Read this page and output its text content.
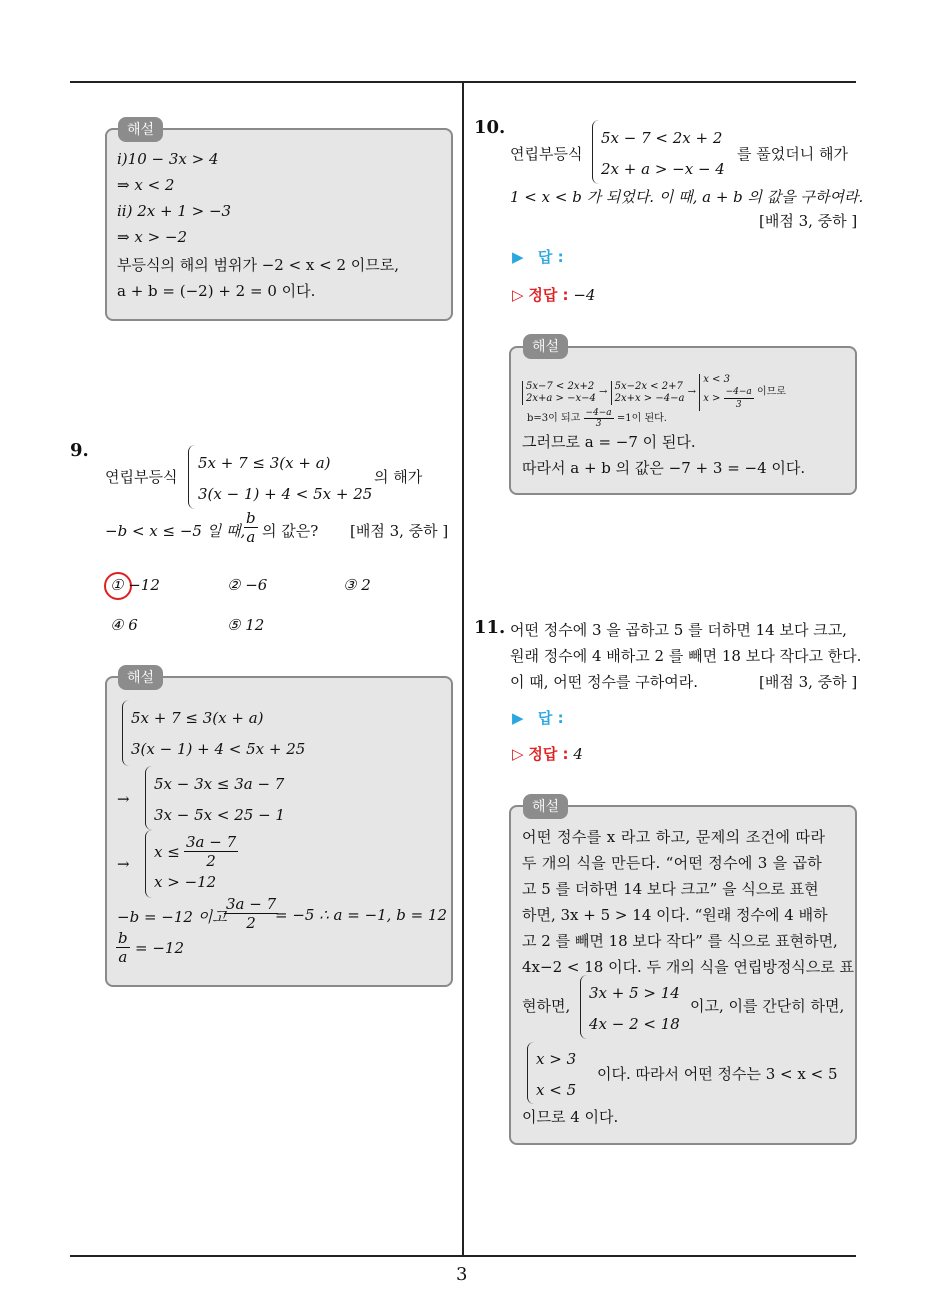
3
해설
i)10 − 3x > 4
⇒ x < 2
ii) 2x + 1 > −3
⇒ x > −2
부등식의 해의 범위가 −2 < x < 2 이므로,
a + b = (−2) + 2 = 0 이다.
9.
연립부등식
5x + 7 ≤ 3(x + a)
3(x − 1) + 4 < 5x + 25
의 해가
−b < x ≤ −5 일 때,
$\frac{b}{a}$ 의 값은? [배점 3, 중하 ]
① −12	② −6	③ 2
④ 6	⑤ 12
해설
5x + 7 ≤ 3(x + a)
3(x − 1) + 4 < 5x + 25
→
5x − 3x ≤ 3a − 7
3x − 5x < 25 − 1
→
$x \le \frac{3a - 7}{2}$
x > −12
−b = −12 이고
$\frac{3a - 7}{2}$
= −5 ∴ a = −1, b = 12
$\frac{b}{a} = -12$
10.
연립부등식
5x − 7 < 2x + 2
2x + a > −x − 4
를 풀었더니 해가
1 < x < b 가 되었다. 이 때, a + b 의 값을 구하여라.
[배점 3, 중하 ]
▶ 답 :
▷ 정답 : −4
해설
5x−7 < 2x+2
2x+a > −x−4 → 5x−2x < 2+7
2x+x > −4−a → x < 3
$x > \frac{-4-a}{3}$ 이므로
b=3이 되고 $\frac{-4-a}{3} =1$이 된다.
그러므로 a = −7 이 된다.
따라서 a + b 의 값은 −7 + 3 = −4 이다.
11. 어떤 정수에 3 을 곱하고 5 를 더하면 14 보다 크고,
원래 정수에 4 배하고 2 를 빼면 18 보다 작다고 한다.
이 때, 어떤 정수를 구하여라.	[배점 3, 중하 ]
▶ 답 :
▷ 정답 : 4
해설
어떤 정수를 x 라고 하고, 문제의 조건에 따라
두 개의 식을 만든다. “어떤 정수에 3 을 곱하
고 5 를 더하면 14 보다 크고” 을 식으로 표현
하면, 3x + 5 > 14 이다. “원래 정수에 4 배하
고 2 를 빼면 18 보다 작다” 를 식으로 표현하면,
4x−2 < 18 이다. 두 개의 식을 연립방정식으로 표
현하면,
3x + 5 > 14
4x − 2 < 18
이고, 이를 간단히 하면,
x > 3
x < 5
이다. 따라서 어떤 정수는 3 < x < 5
이므로 4 이다.
